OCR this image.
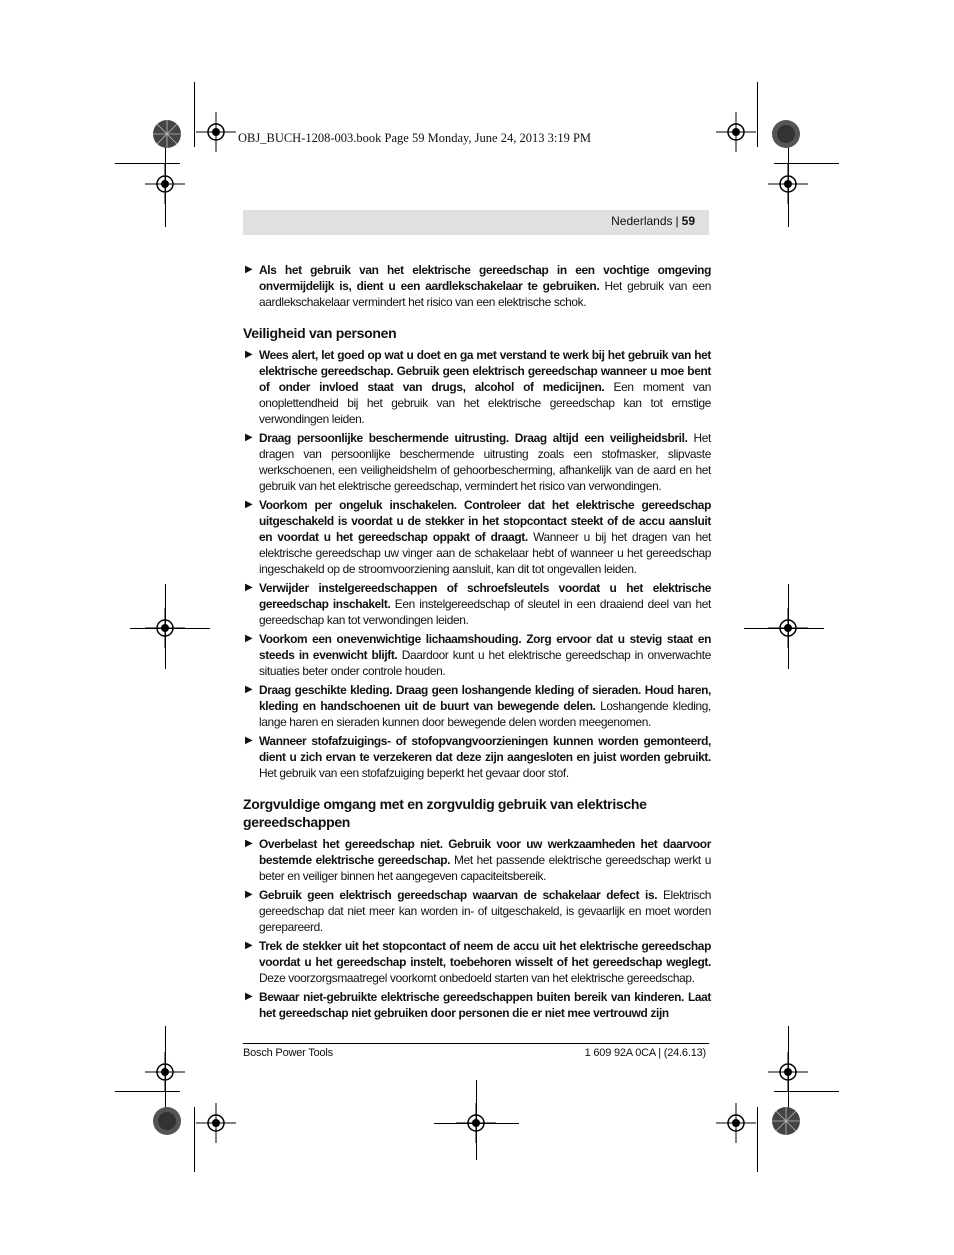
OBJ_BUCH-1208-003.book Page 59 Monday, June 24, 2013 3:19 PM
Nederlands | 59
▶ Als het gebruik van het elektrische gereedschap in een vochtige omgeving onvermijdelijk is, dient u een aardlekschakelaar te gebruiken. Het gebruik van een aardlekschakelaar vermindert het risico van een elektrische schok.
Veiligheid van personen
▶ Wees alert, let goed op wat u doet en ga met verstand te werk bij het gebruik van het elektrische gereedschap. Gebruik geen elektrisch gereedschap wanneer u moe bent of onder invloed staat van drugs, alcohol of medicijnen. Een moment van onoplettendheid bij het gebruik van het elektrische gereedschap kan tot ernstige verwondingen leiden.
▶ Draag persoonlijke beschermende uitrusting. Draag altijd een veiligheidsbril. Het dragen van persoonlijke beschermende uitrusting zoals een stofmasker, slipvaste werkschoenen, een veiligheidshelm of gehoorbescherming, afhankelijk van de aard en het gebruik van het elektrische gereedschap, vermindert het risico van verwondingen.
▶ Voorkom per ongeluk inschakelen. Controleer dat het elektrische gereedschap uitgeschakeld is voordat u de stekker in het stopcontact steekt of de accu aansluit en voordat u het gereedschap oppakt of draagt. Wanneer u bij het dragen van het elektrische gereedschap uw vinger aan de schakelaar hebt of wanneer u het gereedschap ingeschakeld op de stroomvoorziening aansluit, kan dit tot ongevallen leiden.
▶ Verwijder instelgereedschappen of schroefsleutels voordat u het elektrische gereedschap inschakelt. Een instelgereedschap of sleutel in een draaiend deel van het gereedschap kan tot verwondingen leiden.
▶ Voorkom een onevenwichtige lichaamshouding. Zorg ervoor dat u stevig staat en steeds in evenwicht blijft. Daardoor kunt u het elektrische gereedschap in onverwachte situaties beter onder controle houden.
▶ Draag geschikte kleding. Draag geen loshangende kleding of sieraden. Houd haren, kleding en handschoenen uit de buurt van bewegende delen. Loshangende kleding, lange haren en sieraden kunnen door bewegende delen worden meegenomen.
▶ Wanneer stofafzuigings- of stofopvangvoorzieningen kunnen worden gemonteerd, dient u zich ervan te verzekeren dat deze zijn aangesloten en juist worden gebruikt. Het gebruik van een stofafzuiging beperkt het gevaar door stof.
Zorgvuldige omgang met en zorgvuldig gebruik van elektrische gereedschappen
▶ Overbelast het gereedschap niet. Gebruik voor uw werkzaamheden het daarvoor bestemde elektrische gereedschap. Met het passende elektrische gereedschap werkt u beter en veiliger binnen het aangegeven capaciteitsbereik.
▶ Gebruik geen elektrisch gereedschap waarvan de schakelaar defect is. Elektrisch gereedschap dat niet meer kan worden in- of uitgeschakeld, is gevaarlijk en moet worden gerepareerd.
▶ Trek de stekker uit het stopcontact of neem de accu uit het elektrische gereedschap voordat u het gereedschap instelt, toebehoren wisselt of het gereedschap weglegt. Deze voorzorgsmaatregel voorkomt onbedoeld starten van het elektrische gereedschap.
▶ Bewaar niet-gebruikte elektrische gereedschappen buiten bereik van kinderen. Laat het gereedschap niet gebruiken door personen die er niet mee vertrouwd zijn
Bosch Power Tools	1 609 92A 0CA | (24.6.13)
